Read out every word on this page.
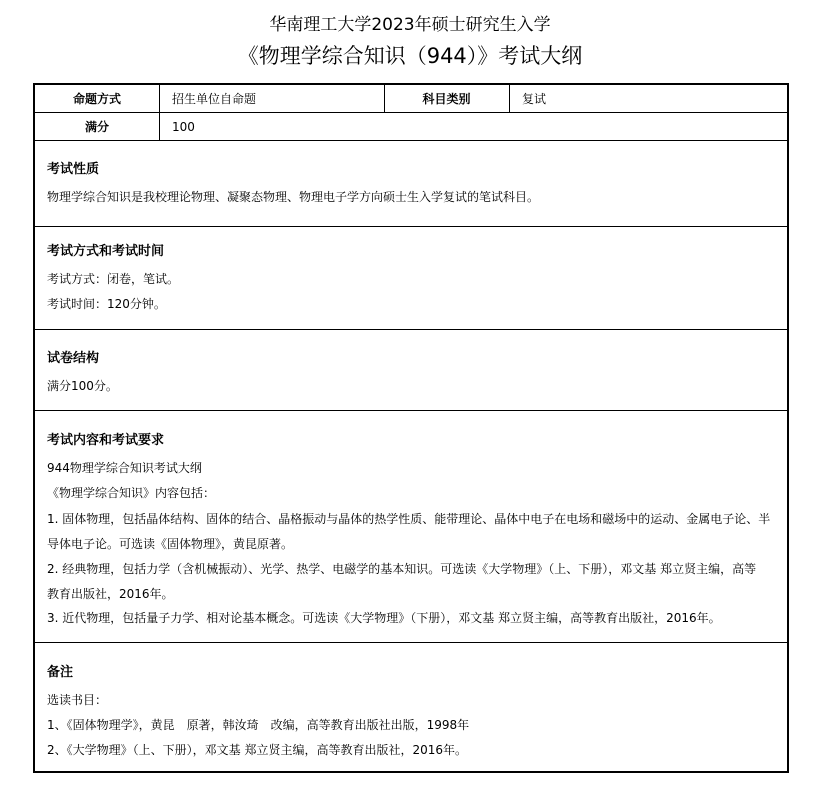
华南理工大学2023年硕士研究生入学
《物理学综合知识（944）》考试大纲
命题方式	招生单位自命题	科目类别	复试
满分	100
考试性质
物理学综合知识是我校理论物理、凝聚态物理、物理电子学方向硕士生入学复试的笔试科目。
考试方式和考试时间
考试方式：闭卷，笔试。
考试时间：120分钟。
试卷结构
满分100分。
考试内容和考试要求
944物理学综合知识考试大纲
《物理学综合知识》内容包括：
1. 固体物理，包括晶体结构、固体的结合、晶格振动与晶体的热学性质、能带理论、晶体中电子在电场和磁场中的运动、金属电子论、半
导体电子论。可选读《固体物理》，黄昆原著。
2. 经典物理，包括力学（含机械振动）、光学、热学、电磁学的基本知识。可选读《大学物理》（上、下册），邓文基 郑立贤主编，高等
教育出版社，2016年。
3. 近代物理，包括量子力学、相对论基本概念。可选读《大学物理》（下册），邓文基 郑立贤主编，高等教育出版社，2016年。
备注
选读书目：
1、《固体物理学》，黄昆　原著，韩汝琦　改编，高等教育出版社出版，1998年
2、《大学物理》（上、下册），邓文基 郑立贤主编，高等教育出版社，2016年。
